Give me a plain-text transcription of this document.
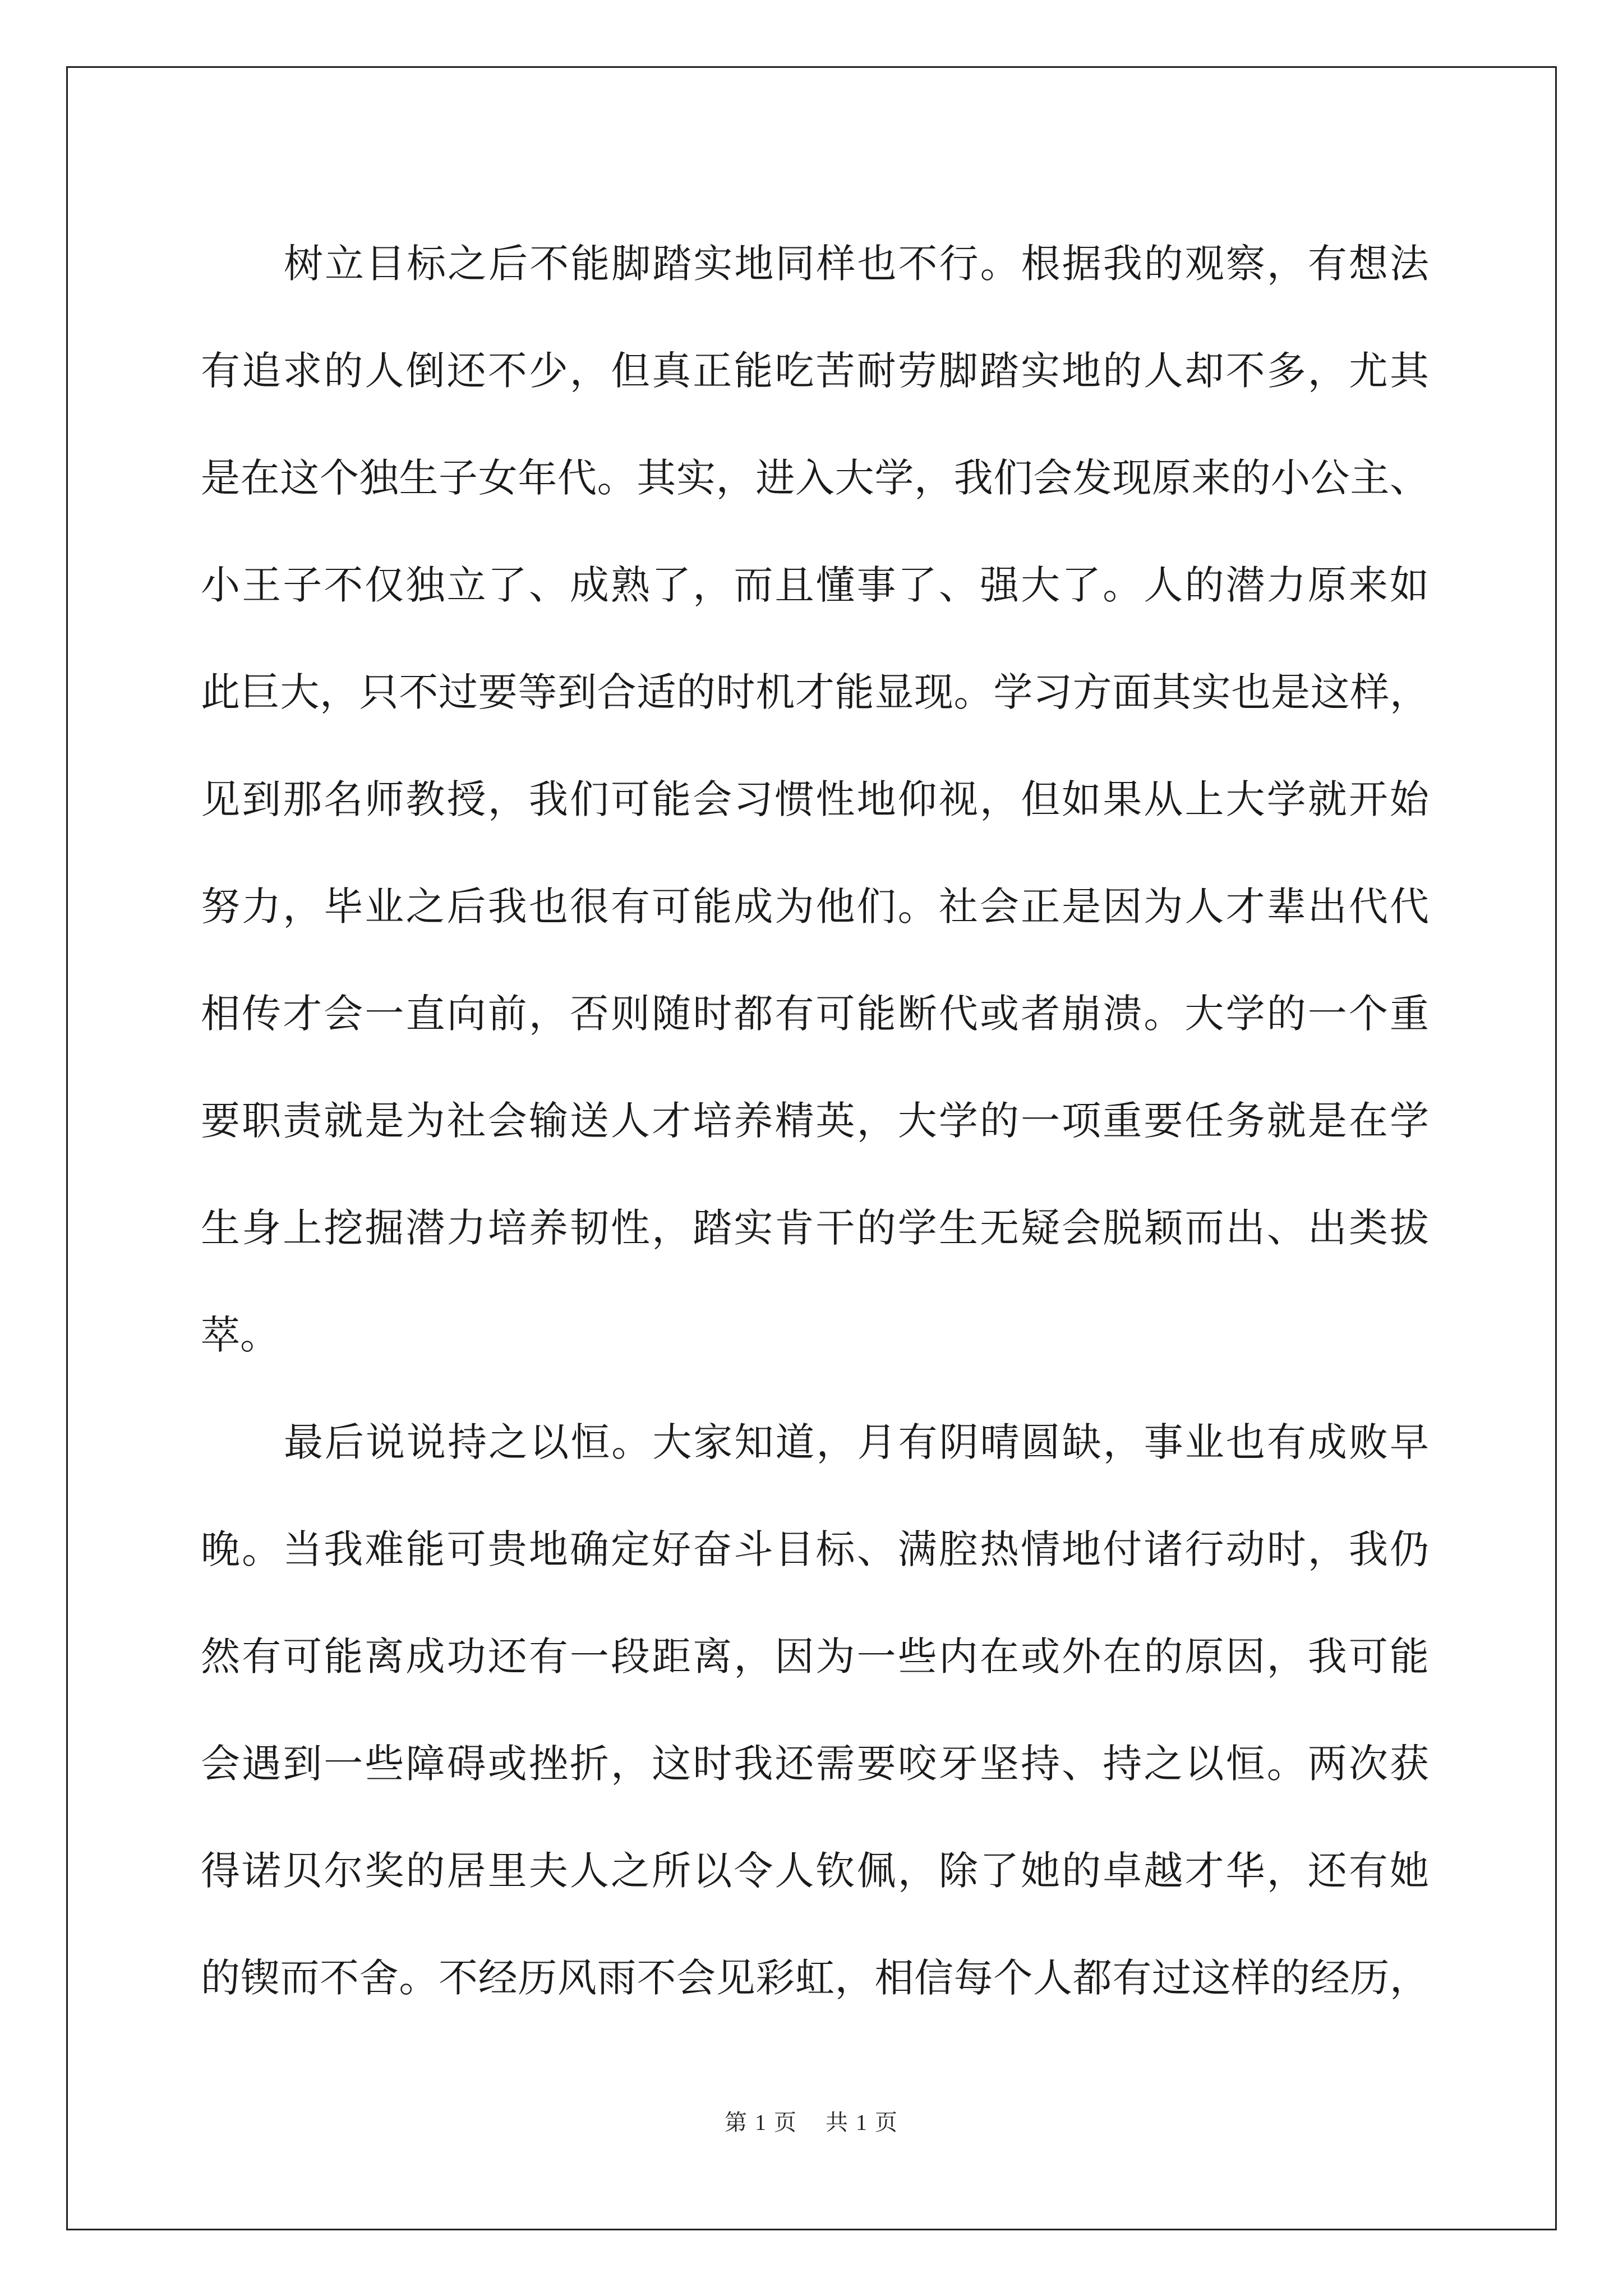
树立目标之后不能脚踏实地同样也不行。根据我的观察，有想法
有追求的人倒还不少，但真正能吃苦耐劳脚踏实地的人却不多，尤其
是在这个独生子女年代。其实，进入大学，我们会发现原来的小公主、
小王子不仅独立了、成熟了，而且懂事了、强大了。人的潜力原来如
此巨大，只不过要等到合适的时机才能显现。学习方面其实也是这样，
见到那名师教授，我们可能会习惯性地仰视，但如果从上大学就开始
努力，毕业之后我也很有可能成为他们。社会正是因为人才辈出代代
相传才会一直向前，否则随时都有可能断代或者崩溃。大学的一个重
要职责就是为社会输送人才培养精英，大学的一项重要任务就是在学
生身上挖掘潜力培养韧性，踏实肯干的学生无疑会脱颖而出、出类拔
萃。
最后说说持之以恒。大家知道，月有阴晴圆缺，事业也有成败早
晚。当我难能可贵地确定好奋斗目标、满腔热情地付诸行动时，我仍
然有可能离成功还有一段距离，因为一些内在或外在的原因，我可能
会遇到一些障碍或挫折，这时我还需要咬牙坚持、持之以恒。两次获
得诺贝尔奖的居里夫人之所以令人钦佩，除了她的卓越才华，还有她
的锲而不舍。不经历风雨不会见彩虹，相信每个人都有过这样的经历，
第 1 页 共 1 页
